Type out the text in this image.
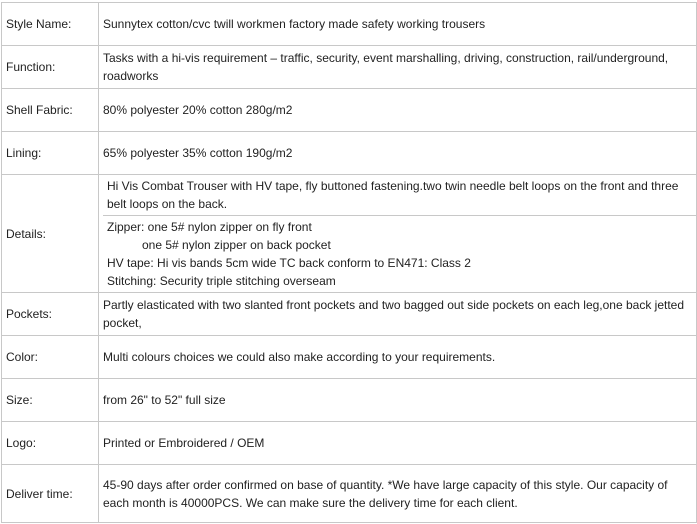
Style Name:	Sunnytex cotton/cvc twill workmen factory made safety working trousers
Function:	Tasks with a hi-vis requirement – traffic, security, event marshalling, driving, construction, rail/underground, roadworks
Shell Fabric:	80% polyester 20% cotton 280g/m2
Lining:	65% polyester 35% cotton 190g/m2
Details:	Hi Vis Combat Trouser with HV tape, fly buttoned fastening.two twin needle belt loops on the front and three belt loops on the back.
Zipper: one 5# nylon zipper on fly front
one 5# nylon zipper on back pocket
HV tape: Hi vis bands 5cm wide TC back conform to EN471: Class 2
Stitching: Security triple stitching overseam

Pockets:	Partly elasticated with two slanted front pockets and two bagged out side pockets on each leg,one back jetted pocket,
Color:	Multi colours choices we could also make according to your requirements.
Size:	from 26" to 52" full size
Logo:	Printed or Embroidered / OEM
Deliver time:	45-90 days after order confirmed on base of quantity. *We have large capacity of this style. Our capacity of each month is 40000PCS. We can make sure the delivery time for each client.
